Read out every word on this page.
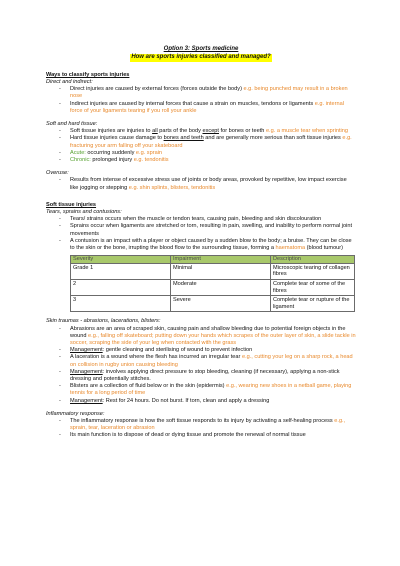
Option 3: Sports medicine
How are sports injuries classified and managed?
Ways to classify sports injuries
Direct and indirect:
- Direct injuries are caused by external forces (forces outside the body) e.g. being punched may result in a broken nose
- Indirect injuries are caused by internal forces that cause a strain on muscles, tendons or ligaments e.g. internal force of your ligaments tearing if you roll your ankle
Soft and hard tissue:
- Soft tissue injuries are injuries to all parts of the body except for bones or teeth e.g. a muscle tear when sprinting
- Hard tissue injuries cause damage to bones and teeth and are generally more serious than soft tissue injuries e.g. fracturing your arm falling off your skateboard
- Acute: occurring suddenly e.g. sprain
- Chronic: prolonged injury e.g. tendonitis
Overuse:
- Results from intense of excessive stress use of joints or body areas, provoked by repetitive, low impact exercise like jogging or stepping e.g. shin splints, blisters, tendonitis
Soft tissue injuries
Tears, sprains and contusions:
- Tears/ strains occurs when the muscle or tendon tears, causing pain, bleeding and skin discolouration
- Sprains occur when ligaments are stretched or torn, resulting in pain, swelling, and inability to perform normal joint movements
- A contusion is an impact with a player or object caused by a sudden blow to the body; a bruise. They can be close to the skin or the bone, irrupting the blood flow to the surrounding tissue, forming a haematoma (blood tumour)
Severity	Impairment	Description
Grade 1	Minimal	Microscopic tearing of collagen fibres
2	Moderate	Complete tear of some of the fibres
3	Severe	Complete tear or rupture of the ligament
Skin traumas - abrasions, lacerations, blisters:
- Abrasions are an area of scraped skin, causing pain and shallow bleeding due to potential foreign objects in the wound e.g., falling off skateboard; putting down your hands which scrapes of the outer layer of skin, a slide tackle in soccer, scraping the side of your leg when contacted with the grass
- Management: gentle cleaning and sterilising of wound to prevent infection
- A laceration is a wound where the flesh has incurred an irregular tear e.g., cutting your leg on a sharp rock, a head on collision in rugby union causing bleeding
- Management: involves applying direct pressure to stop bleeding, cleaning (if necessary), applying a non-stick dressing and potentially stitches.
- Blisters are a collection of fluid below or in the skin (epidermis) e.g., wearing new shoes in a netball game, playing tennis for a long period of time
- Management: Rest for 24 hours. Do not burst. If torn, clean and apply a dressing
Inflammatory response:
- The inflammatory response is how the soft tissue responds to its injury by activating a self-healing process e.g., sprain, tear, laceration or abrasion
- Its main function is to dispose of dead or dying tissue and promote the renewal of normal tissue
